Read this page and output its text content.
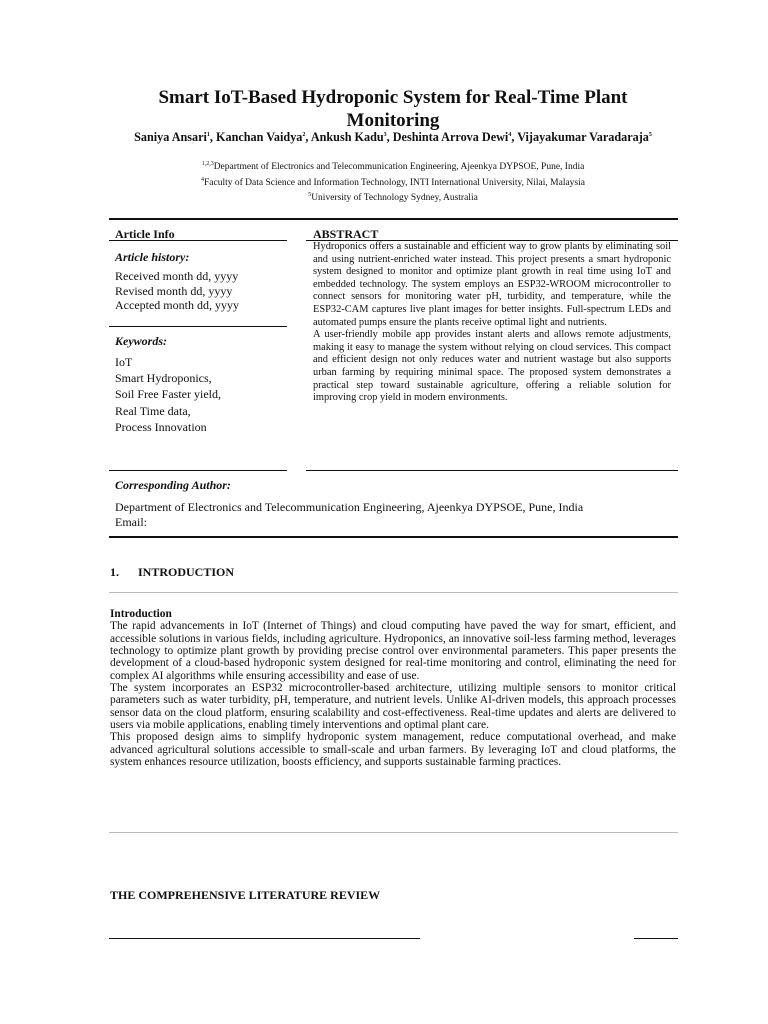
Smart IoT-Based Hydroponic System for Real-Time Plant Monitoring
Saniya Ansari$^1$, Kanchan Vaidya$^2$, Ankush Kadu$^3$, Deshinta Arrova Dewi$^4$, Vijayakumar Varadaraja$^5$
$^{1,2,3}$Department of Electronics and Telecommunication Engineering, Ajeenkya DYPSOE, Pune, India
$^4$Faculty of Data Science and Information Technology, INTI International University, Nilai, Malaysia
$^5$University of Technology Sydney, Australia
Article Info
Article history:
Received month dd, yyyy
Revised month dd, yyyy
Accepted month dd, yyyy
Keywords:
IoT
Smart Hydroponics,
Soil Free Faster yield,
Real Time data,
Process Innovation
ABSTRACT

Hydroponics offers a sustainable and efficient way to grow plants by eliminating soil and using nutrient-enriched water instead. This project presents a smart hydroponic system designed to monitor and optimize plant growth in real time using IoT and embedded technology. The system employs an ESP32-WROOM microcontroller to connect sensors for monitoring water pH, turbidity, and temperature, while the ESP32-CAM captures live plant images for better insights. Full-spectrum LEDs and automated pumps ensure the plants receive optimal light and nutrients.

A user-friendly mobile app provides instant alerts and allows remote adjustments, making it easy to manage the system without relying on cloud services. This compact and efficient design not only reduces water and nutrient wastage but also supports urban farming by requiring minimal space. The proposed system demonstrates a practical step toward sustainable agriculture, offering a reliable solution for improving crop yield in modern environments.

Corresponding Author:
Department of Electronics and Telecommunication Engineering, Ajeenkya DYPSOE, Pune, India
Email:
1. INTRODUCTION

Introduction

The rapid advancements in IoT (Internet of Things) and cloud computing have paved the way for smart, efficient, and accessible solutions in various fields, including agriculture. Hydroponics, an innovative soil-less farming method, leverages technology to optimize plant growth by providing precise control over environmental parameters. This paper presents the development of a cloud-based hydroponic system designed for real-time monitoring and control, eliminating the need for complex AI algorithms while ensuring accessibility and ease of use.

The system incorporates an ESP32 microcontroller-based architecture, utilizing multiple sensors to monitor critical parameters such as water turbidity, pH, temperature, and nutrient levels. Unlike AI-driven models, this approach processes sensor data on the cloud platform, ensuring scalability and cost-effectiveness. Real-time updates and alerts are delivered to users via mobile applications, enabling timely interventions and optimal plant care.

This proposed design aims to simplify hydroponic system management, reduce computational overhead, and make advanced agricultural solutions accessible to small-scale and urban farmers. By leveraging IoT and cloud platforms, the system enhances resource utilization, boosts efficiency, and supports sustainable farming practices.

THE COMPREHENSIVE LITERATURE REVIEW
